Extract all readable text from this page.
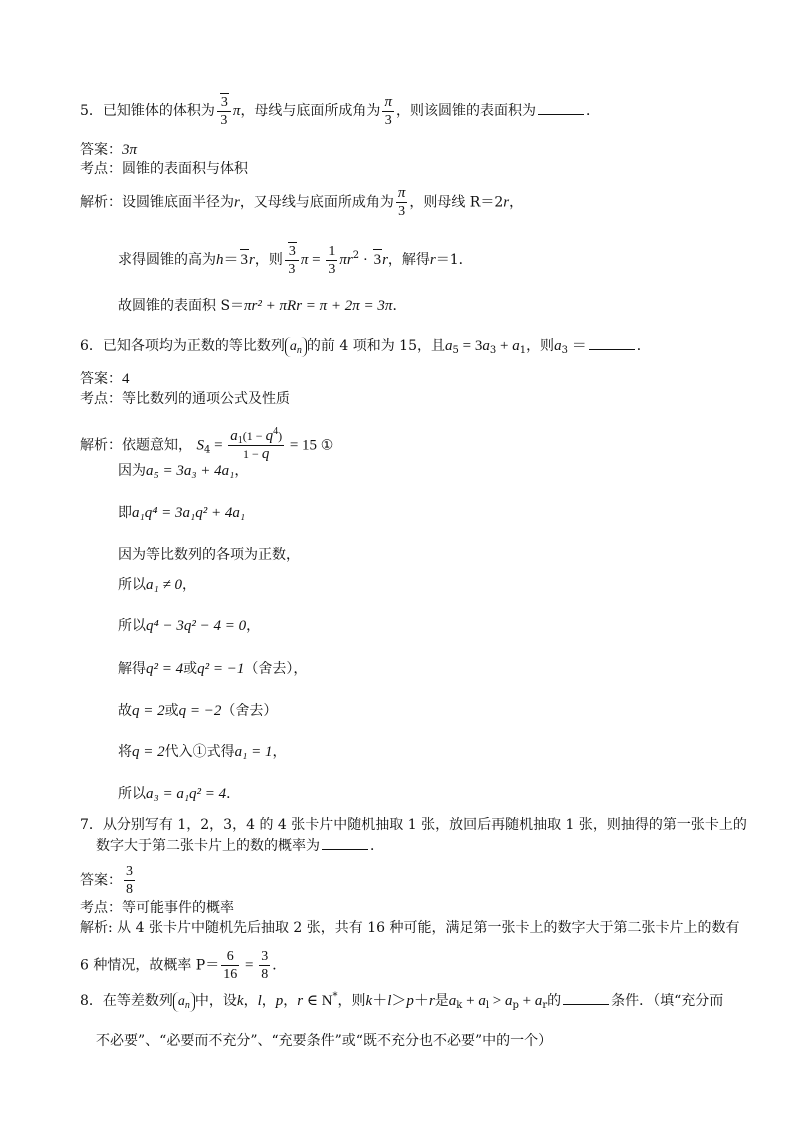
5．已知锥体的体积为 $\frac{3}{3}$ π，母线与底面所成角为 $\frac{\pi}{3}$ ，则该圆锥的表面积为	．
答案：3π
考点：圆锥的表面积与体积
解析：设圆锥底面半径为r，又母线与底面所成角为 $\frac{\pi}{3}$ ，则母线 R＝2r，
求得圆锥的高为h＝ 3r，则 $\frac{3}{3}$ $\pi = \frac{1}{3} \pi r^2 \cdot 3r$，解得r＝1．
故圆锥的表面积 S＝πr² + πRr = π + 2π = 3π．
6．已知各项均为正数的等比数列 $a_n$ 的前 4 项和为 15，且$a_5 = 3a_3 + a_1$，则$a_3$ ＝	．
答案：4
考点：等比数列的通项公式及性质
解析：依题意知， $S_4 = \frac{a_1(1 - q^4)}{1 - q} = 15$ ①
因为a₅ = 3a₃ + 4a₁，
即a₁q⁴ = 3a₁q² + 4a₁
因为等比数列的各项为正数，
所以a₁ ≠ 0，
所以q⁴ − 3q² − 4 = 0，
解得q² = 4或q² = −1（舍去），
故q = 2或q = −2（舍去）
将q = 2代入①式得a₁ = 1，
所以a₃ = a₁q² = 4．
7．从分别写有 1，2，3，4 的 4 张卡片中随机抽取 1 张，放回后再随机抽取 1 张，则抽得的第一张卡上的
数字大于第二张卡片上的数的概率为	．
答案： $\frac{3}{8}$
考点：等可能事件的概率
解析: 从 4 张卡片中随机先后抽取 2 张，共有 16 种可能，满足第一张卡上的数字大于第二张卡片上的数有
6 种情况，故概率 $P= \frac{6}{16} = \frac{3}{8}$ ．
8．在等差数列 $a_n$ 中，设k，l，p，r ∈ N*，则k＋l＞p＋r是$a_k + a_l > a_p + a_r$的	条件．（填“充分而
不必要”、“必要而不充分”、“充要条件”或“既不充分也不必要”中的一个）
